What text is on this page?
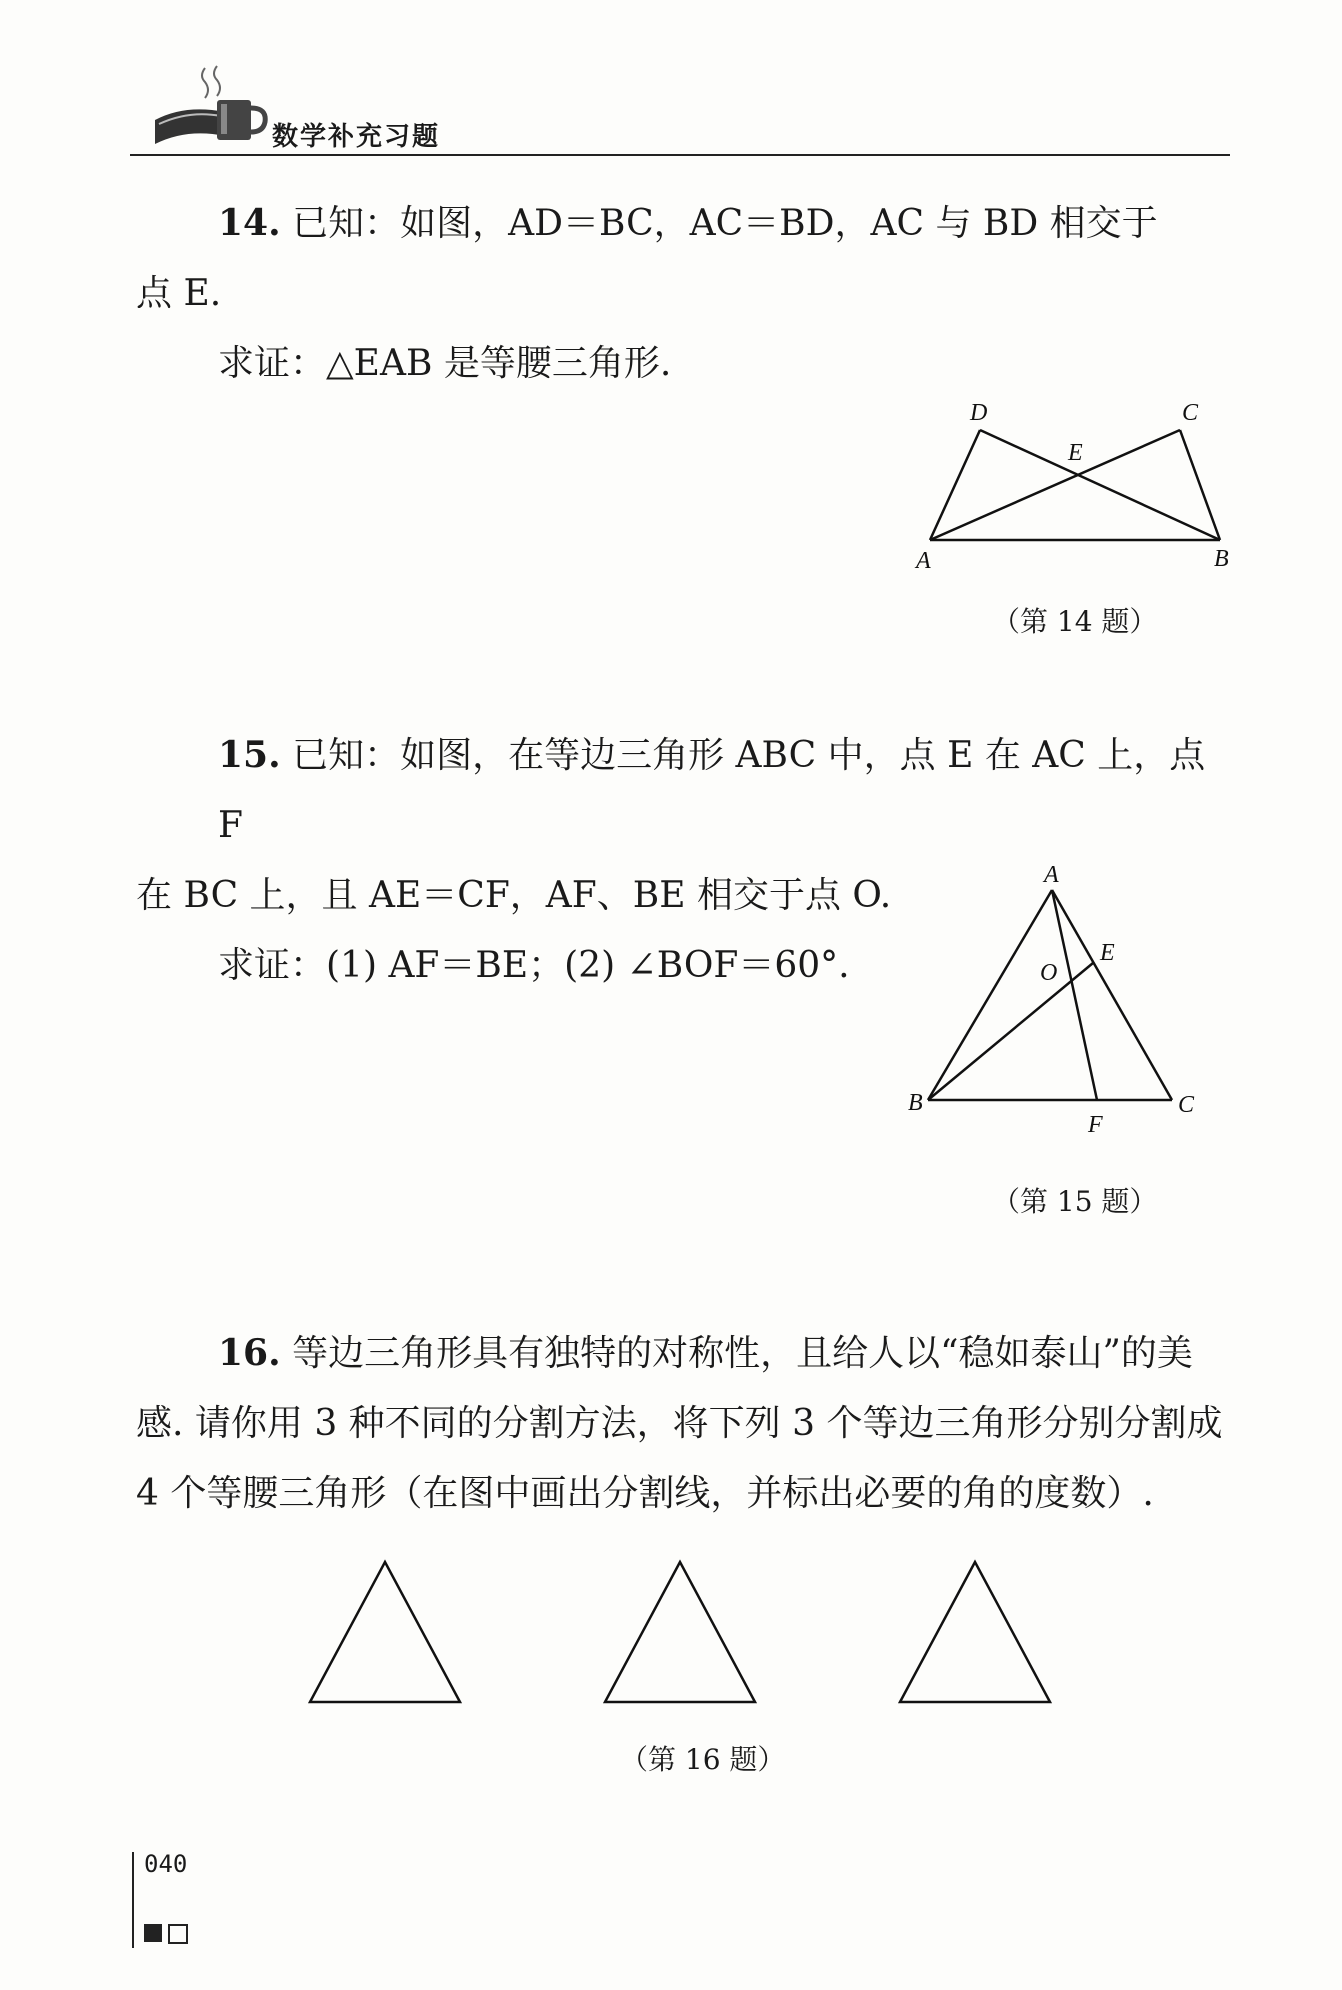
数学补充习题

14. 已知：如图，AD＝BC，AC＝BD，AC 与 BD 相交于

点 E.

求证：△EAB 是等腰三角形.

D	C
E
A	B
（第 14 题）

15. 已知：如图，在等边三角形 ABC 中，点 E 在 AC 上，点 F

在 BC 上，且 AE＝CF，AF、BE 相交于点 O.

求证：(1) AF＝BE；(2) ∠BOF＝60°.

A
E
O
B
F
C
（第 15 题）

16. 等边三角形具有独特的对称性，且给人以“稳如泰山”的美

感. 请你用 3 种不同的分割方法，将下列 3 个等边三角形分别分割成

4 个等腰三角形（在图中画出分割线，并标出必要的角的度数）.

（第 16 题）
040
